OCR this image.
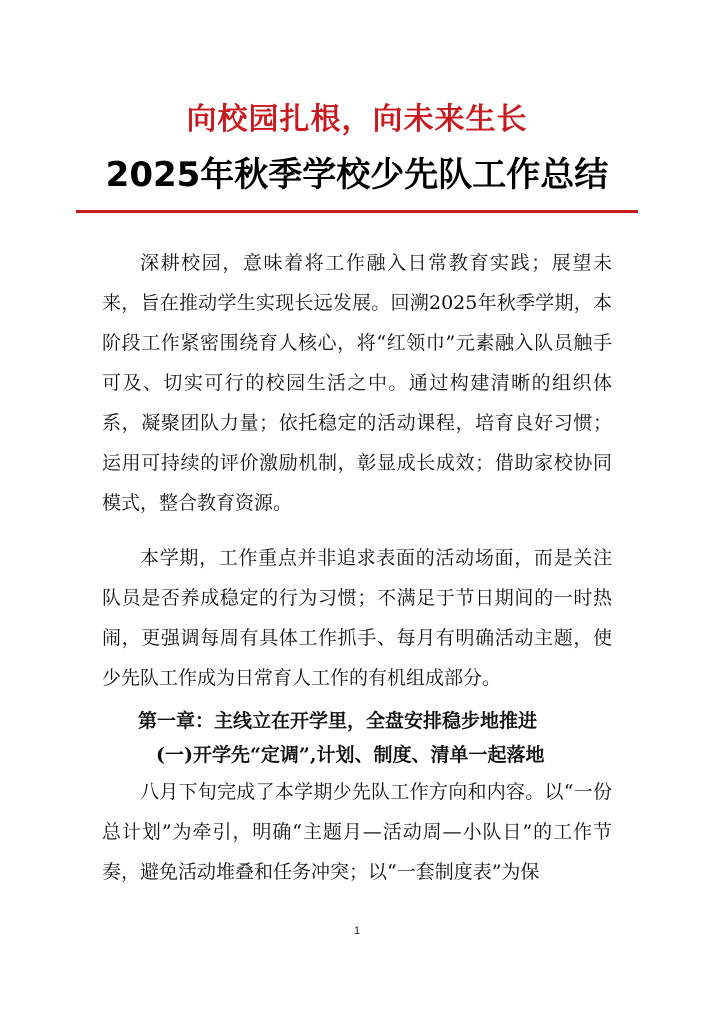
向校园扎根，向未来生长
2025年秋季学校少先队工作总结

深耕校园，意味着将工作融入日常教育实践；展望未来，旨在推动学生实现长远发展。回溯2025年秋季学期，本阶段工作紧密围绕育人核心，将“红领巾”元素融入队员触手可及、切实可行的校园生活之中。通过构建清晰的组织体系，凝聚团队力量；依托稳定的活动课程，培育良好习惯；运用可持续的评价激励机制，彰显成长成效；借助家校协同模式，整合教育资源。

本学期，工作重点并非追求表面的活动场面，而是关注队员是否养成稳定的行为习惯；不满足于节日期间的一时热闹，更强调每周有具体工作抓手、每月有明确活动主题，使少先队工作成为日常育人工作的有机组成部分。

第一章：主线立在开学里，全盘安排稳步地推进

(一)开学先“定调”,计划、制度、清单一起落地

八月下旬完成了本学期少先队工作方向和内容。以“一份总计划”为牵引，明确“主题月—活动周—小队日”的工作节奏，避免活动堆叠和任务冲突；以“一套制度表”为保

1
